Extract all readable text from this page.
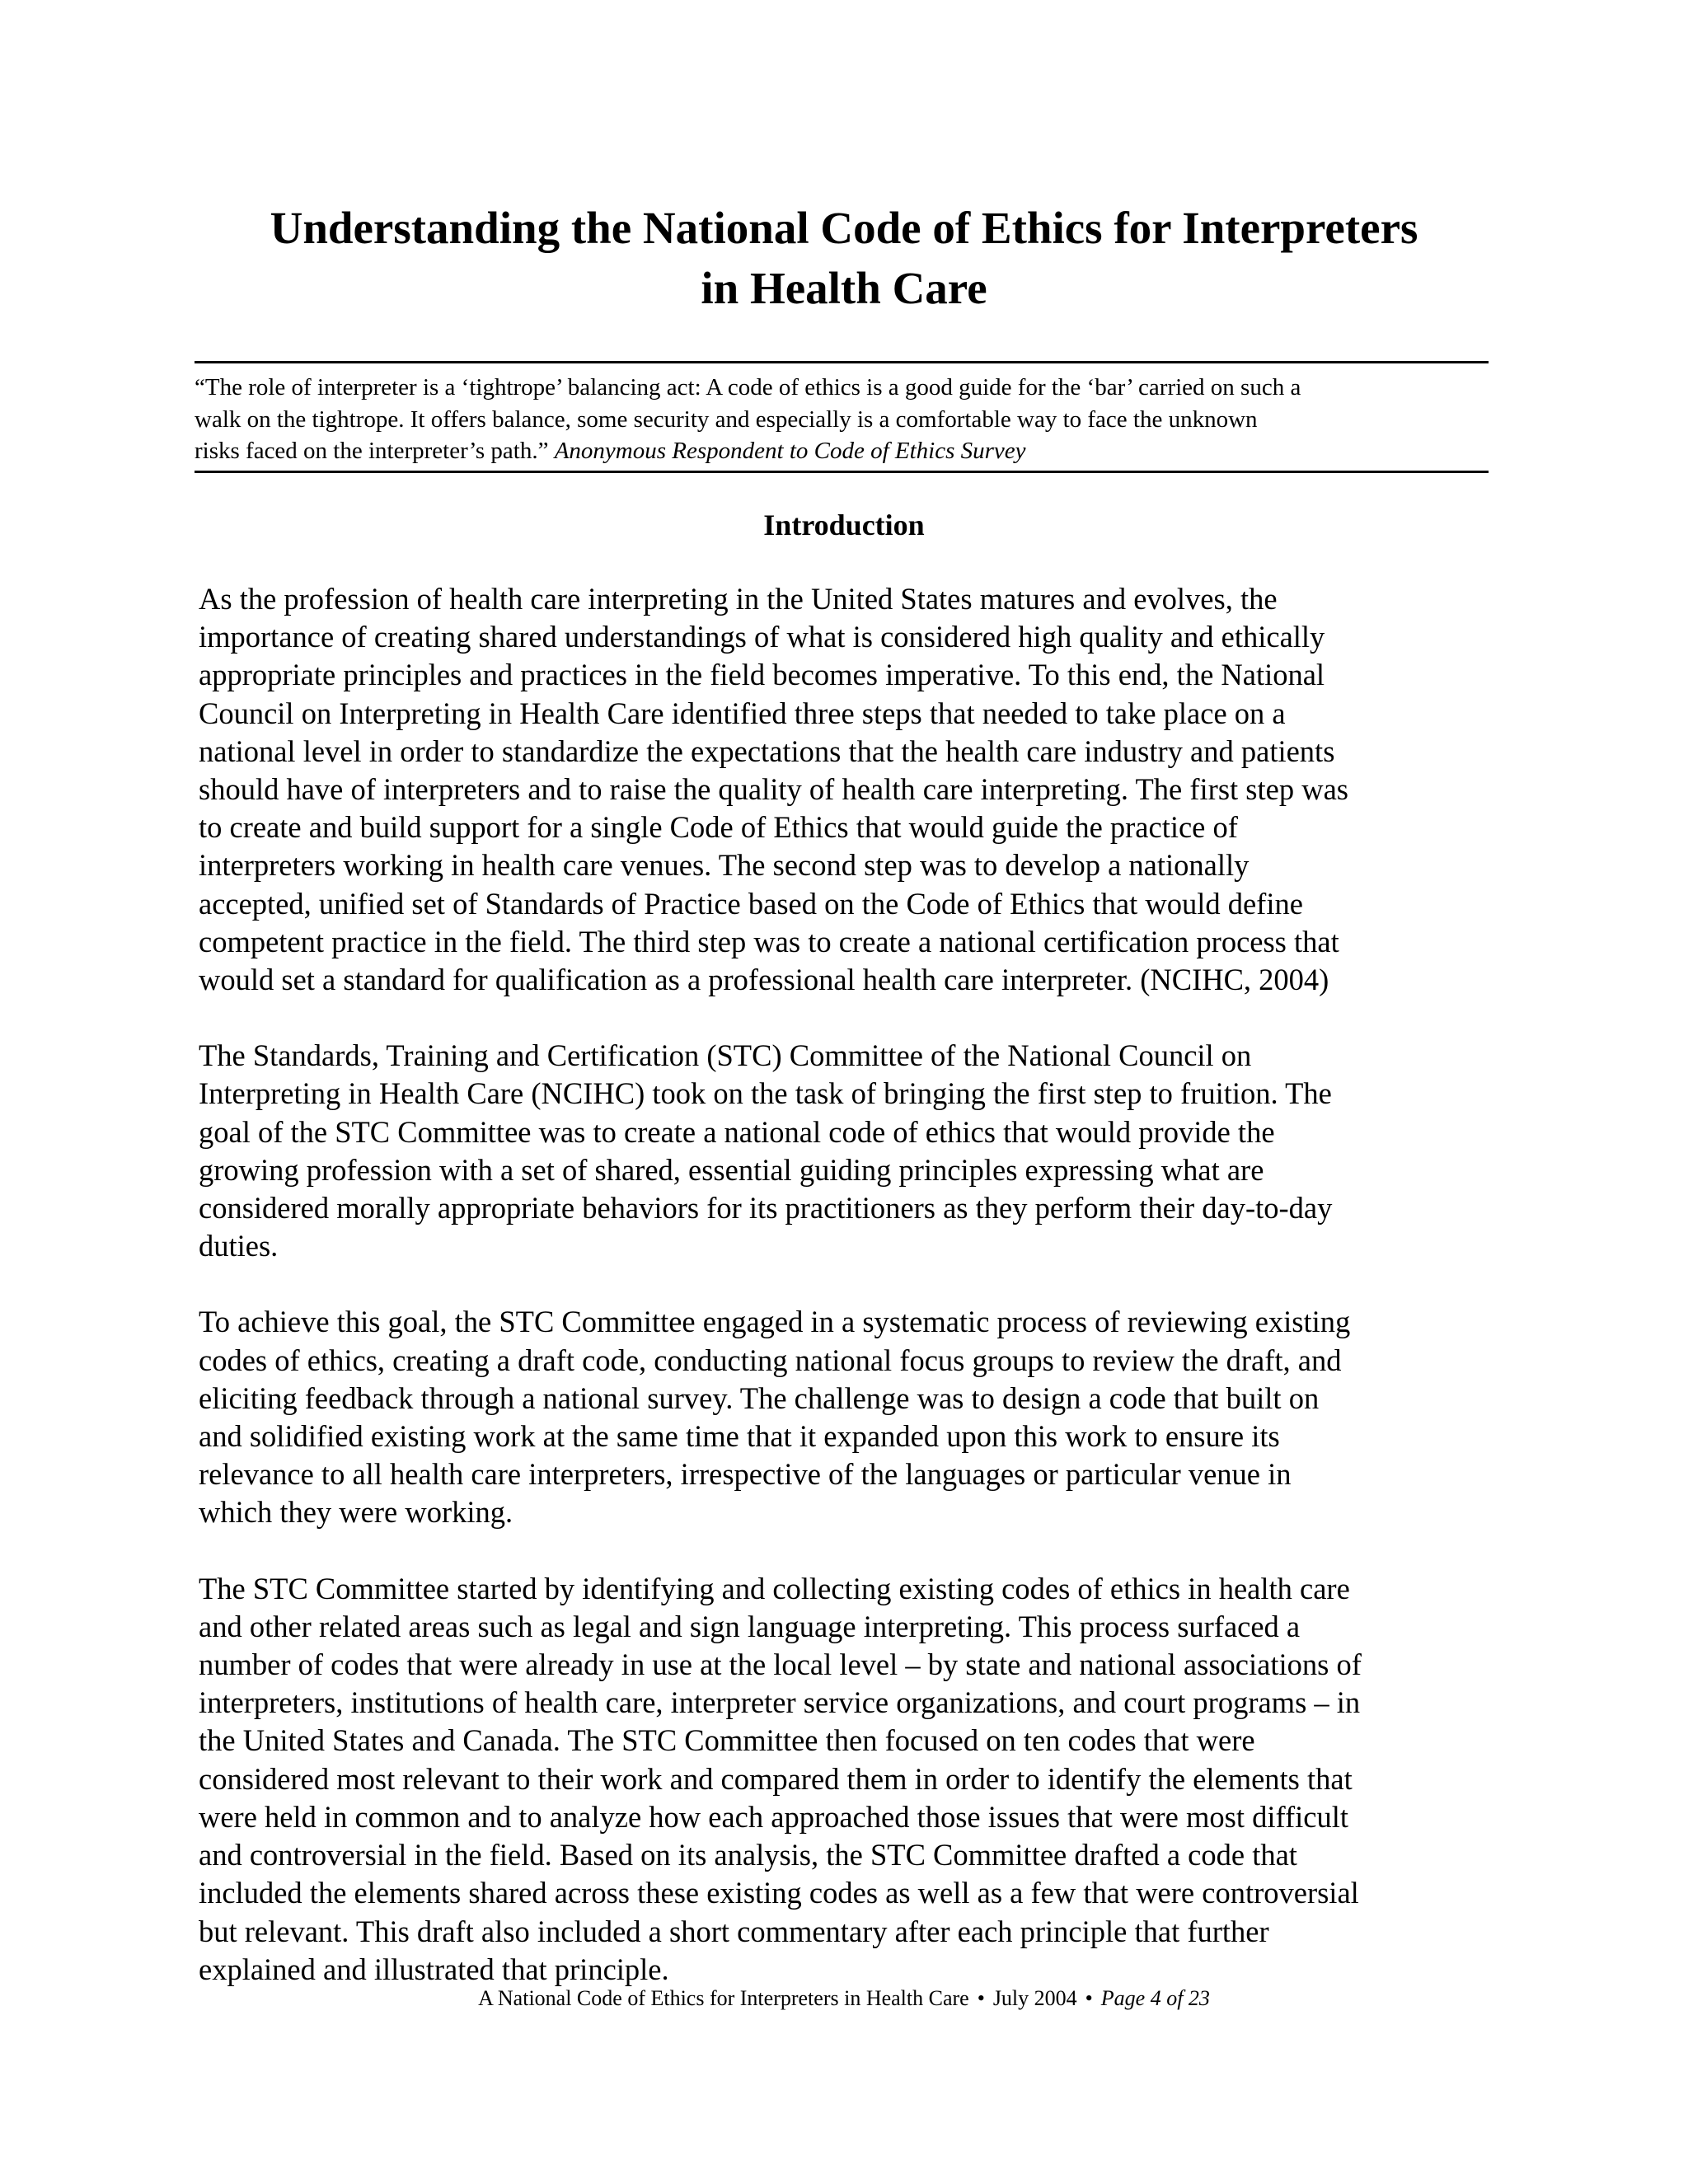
Understanding the National Code of Ethics for Interpreters
in Health Care
“The role of interpreter is a ‘tightrope’ balancing act: A code of ethics is a good guide for the ‘bar’ carried on such a
walk on the tightrope. It offers balance, some security and especially is a comfortable way to face the unknown
risks faced on the interpreter’s path.” Anonymous Respondent to Code of Ethics Survey
Introduction

As the profession of health care interpreting in the United States matures and evolves, the
importance of creating shared understandings of what is considered high quality and ethically
appropriate principles and practices in the field becomes imperative. To this end, the National
Council on Interpreting in Health Care identified three steps that needed to take place on a
national level in order to standardize the expectations that the health care industry and patients
should have of interpreters and to raise the quality of health care interpreting. The first step was
to create and build support for a single Code of Ethics that would guide the practice of
interpreters working in health care venues. The second step was to develop a nationally
accepted, unified set of Standards of Practice based on the Code of Ethics that would define
competent practice in the field. The third step was to create a national certification process that
would set a standard for qualification as a professional health care interpreter. (NCIHC, 2004)

The Standards, Training and Certification (STC) Committee of the National Council on
Interpreting in Health Care (NCIHC) took on the task of bringing the first step to fruition. The
goal of the STC Committee was to create a national code of ethics that would provide the
growing profession with a set of shared, essential guiding principles expressing what are
considered morally appropriate behaviors for its practitioners as they perform their day-to-day
duties.

To achieve this goal, the STC Committee engaged in a systematic process of reviewing existing
codes of ethics, creating a draft code, conducting national focus groups to review the draft, and
eliciting feedback through a national survey. The challenge was to design a code that built on
and solidified existing work at the same time that it expanded upon this work to ensure its
relevance to all health care interpreters, irrespective of the languages or particular venue in
which they were working.

The STC Committee started by identifying and collecting existing codes of ethics in health care
and other related areas such as legal and sign language interpreting. This process surfaced a
number of codes that were already in use at the local level – by state and national associations of
interpreters, institutions of health care, interpreter service organizations, and court programs – in
the United States and Canada. The STC Committee then focused on ten codes that were
considered most relevant to their work and compared them in order to identify the elements that
were held in common and to analyze how each approached those issues that were most difficult
and controversial in the field. Based on its analysis, the STC Committee drafted a code that
included the elements shared across these existing codes as well as a few that were controversial
but relevant. This draft also included a short commentary after each principle that further
explained and illustrated that principle.

A National Code of Ethics for Interpreters in Health Care • July 2004 • Page 4 of 23
